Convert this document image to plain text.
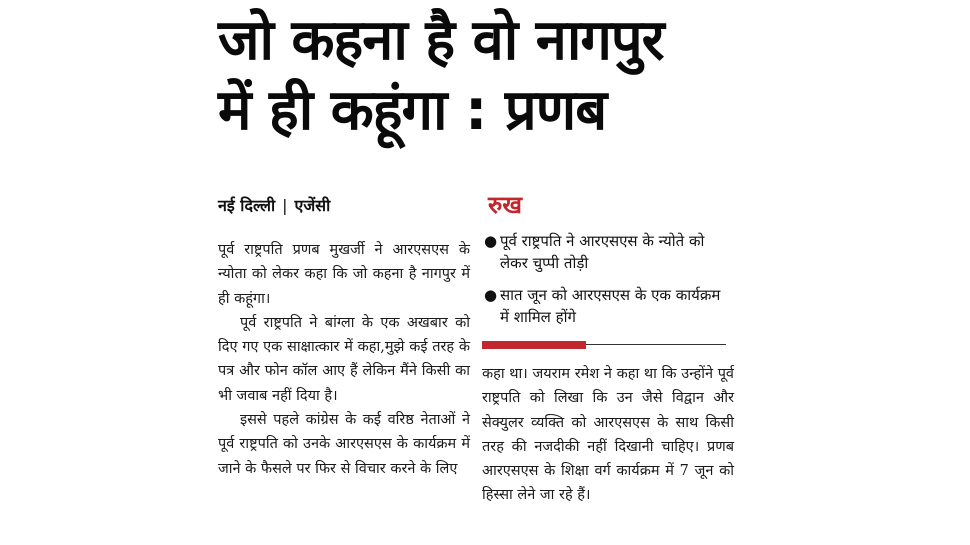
जो कहना है वो नागपुर
में ही कहूंगा : प्रणब
नई दिल्ली | एजेंसी

पूर्व राष्ट्रपति प्रणब मुखर्जी ने आरएसएस के न्योता को लेकर कहा कि जो कहना है नागपुर में ही कहूंगा।

पूर्व राष्ट्रपति ने बांग्ला के एक अखबार को दिए गए एक साक्षात्कार में कहा,मुझे कई तरह के पत्र और फोन कॉल आए हैं लेकिन मैंने किसी का भी जवाब नहीं दिया है।

इससे पहले कांग्रेस के कई वरिष्ठ नेताओं ने पूर्व राष्ट्रपति को उनके आरएसएस के कार्यक्रम में जाने के फैसले पर फिर से विचार करने के लिए

रुख
● पूर्व राष्ट्रपति ने आरएसएस के न्योते को लेकर चुप्पी तोड़ी
● सात जून को आरएसएस के एक कार्यक्रम में शामिल होंगे

कहा था। जयराम रमेश ने कहा था कि उन्होंने पूर्व राष्ट्रपति को लिखा कि उन जैसे विद्वान और सेक्युलर व्यक्ति को आरएसएस के साथ किसी तरह की नजदीकी नहीं दिखानी चाहिए। प्रणब आरएसएस के शिक्षा वर्ग कार्यक्रम में 7 जून को हिस्सा लेने जा रहे हैं।
